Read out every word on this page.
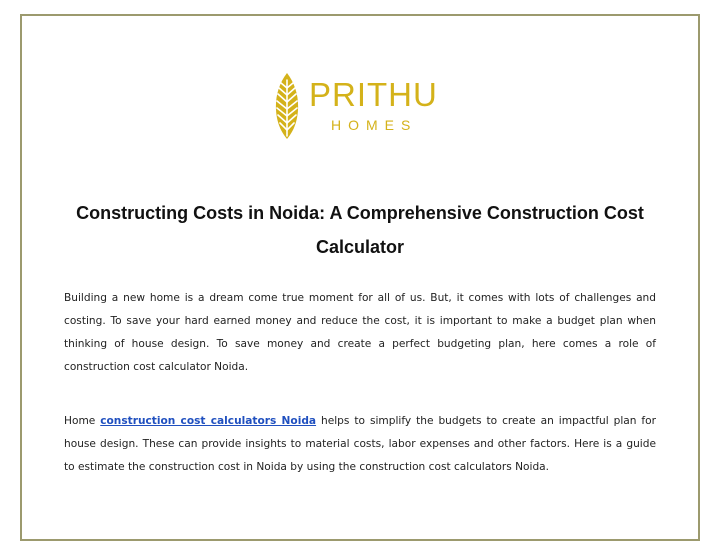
PRITHU
HOMES
Constructing Costs in Noida: A Comprehensive Construction Cost Calculator

Building a new home is a dream come true moment for all of us. But, it comes with lots of challenges and costing. To save your hard earned money and reduce the cost, it is important to make a budget plan when thinking of house design. To save money and create a perfect budgeting plan, here comes a role of construction cost calculator Noida.

Home construction cost calculators Noida helps to simplify the budgets to create an impactful plan for house design. These can provide insights to material costs, labor expenses and other factors. Here is a guide to estimate the construction cost in Noida by using the construction cost calculators Noida.
